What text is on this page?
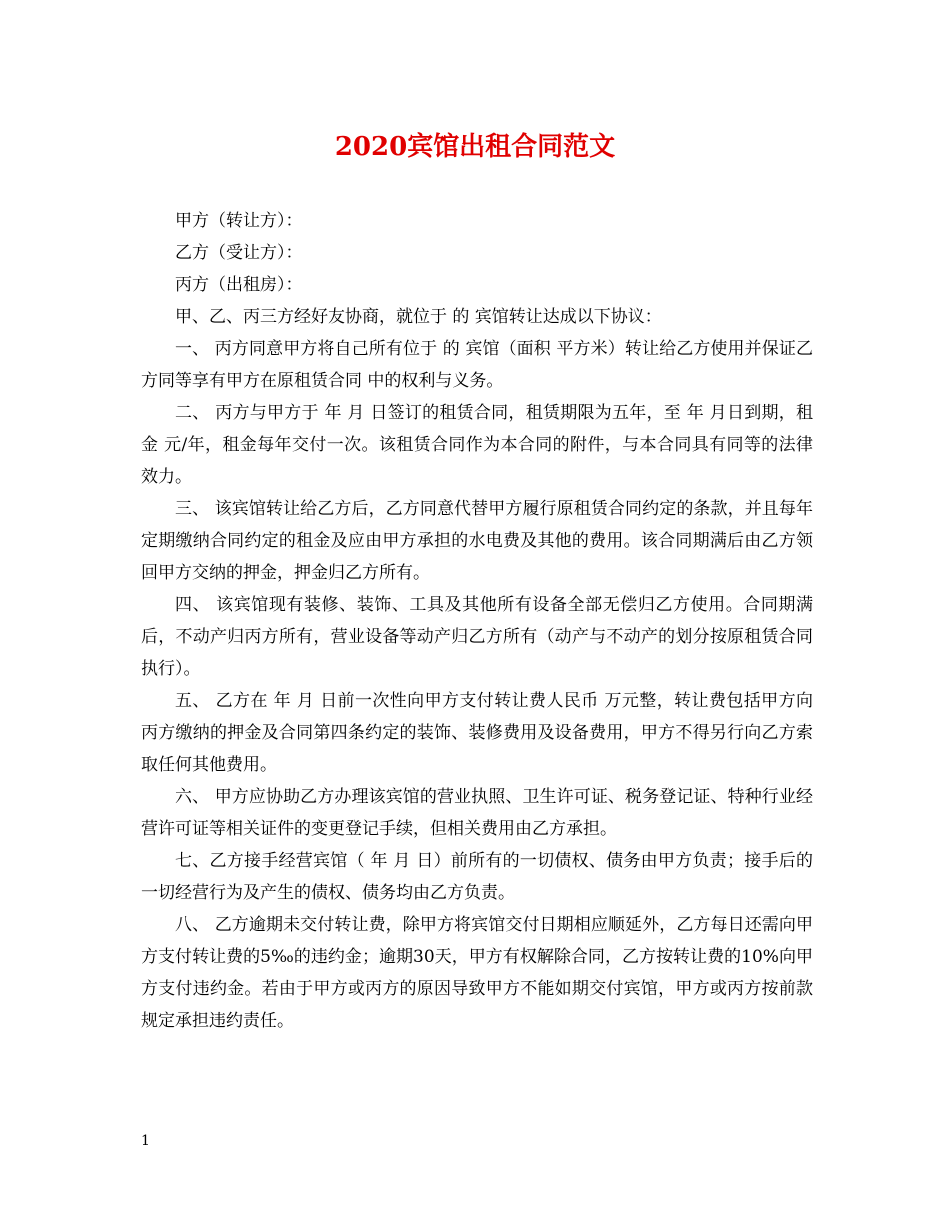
2020宾馆出租合同范文

甲方（转让方）：

乙方（受让方）：

丙方（出租房）：

甲、乙、丙三方经好友协商，就位于 的 宾馆转让达成以下协议：

一、 丙方同意甲方将自己所有位于 的 宾馆（面积 平方米）转让给乙方使用并保证乙方同等享有甲方在原租赁合同 中的权利与义务。

二、 丙方与甲方于 年 月 日签订的租赁合同，租赁期限为五年，至 年 月日到期，租金 元/年，租金每年交付一次。该租赁合同作为本合同的附件，与本合同具有同等的法律效力。

三、 该宾馆转让给乙方后，乙方同意代替甲方履行原租赁合同约定的条款，并且每年定期缴纳合同约定的租金及应由甲方承担的水电费及其他的费用。该合同期满后由乙方领回甲方交纳的押金，押金归乙方所有。

四、 该宾馆现有装修、装饰、工具及其他所有设备全部无偿归乙方使用。合同期满后，不动产归丙方所有，营业设备等动产归乙方所有（动产与不动产的划分按原租赁合同执行）。

五、 乙方在 年 月 日前一次性向甲方支付转让费人民币 万元整，转让费包括甲方向丙方缴纳的押金及合同第四条约定的装饰、装修费用及设备费用，甲方不得另行向乙方索取任何其他费用。

六、 甲方应协助乙方办理该宾馆的营业执照、卫生许可证、税务登记证、特种行业经营许可证等相关证件的变更登记手续，但相关费用由乙方承担。

七、乙方接手经营宾馆（ 年 月 日）前所有的一切债权、债务由甲方负责；接手后的一切经营行为及产生的债权、债务均由乙方负责。

八、 乙方逾期未交付转让费，除甲方将宾馆交付日期相应顺延外，乙方每日还需向甲方支付转让费的5‰的违约金；逾期30天，甲方有权解除合同，乙方按转让费的10%向甲方支付违约金。若由于甲方或丙方的原因导致甲方不能如期交付宾馆，甲方或丙方按前款规定承担违约责任。

1
